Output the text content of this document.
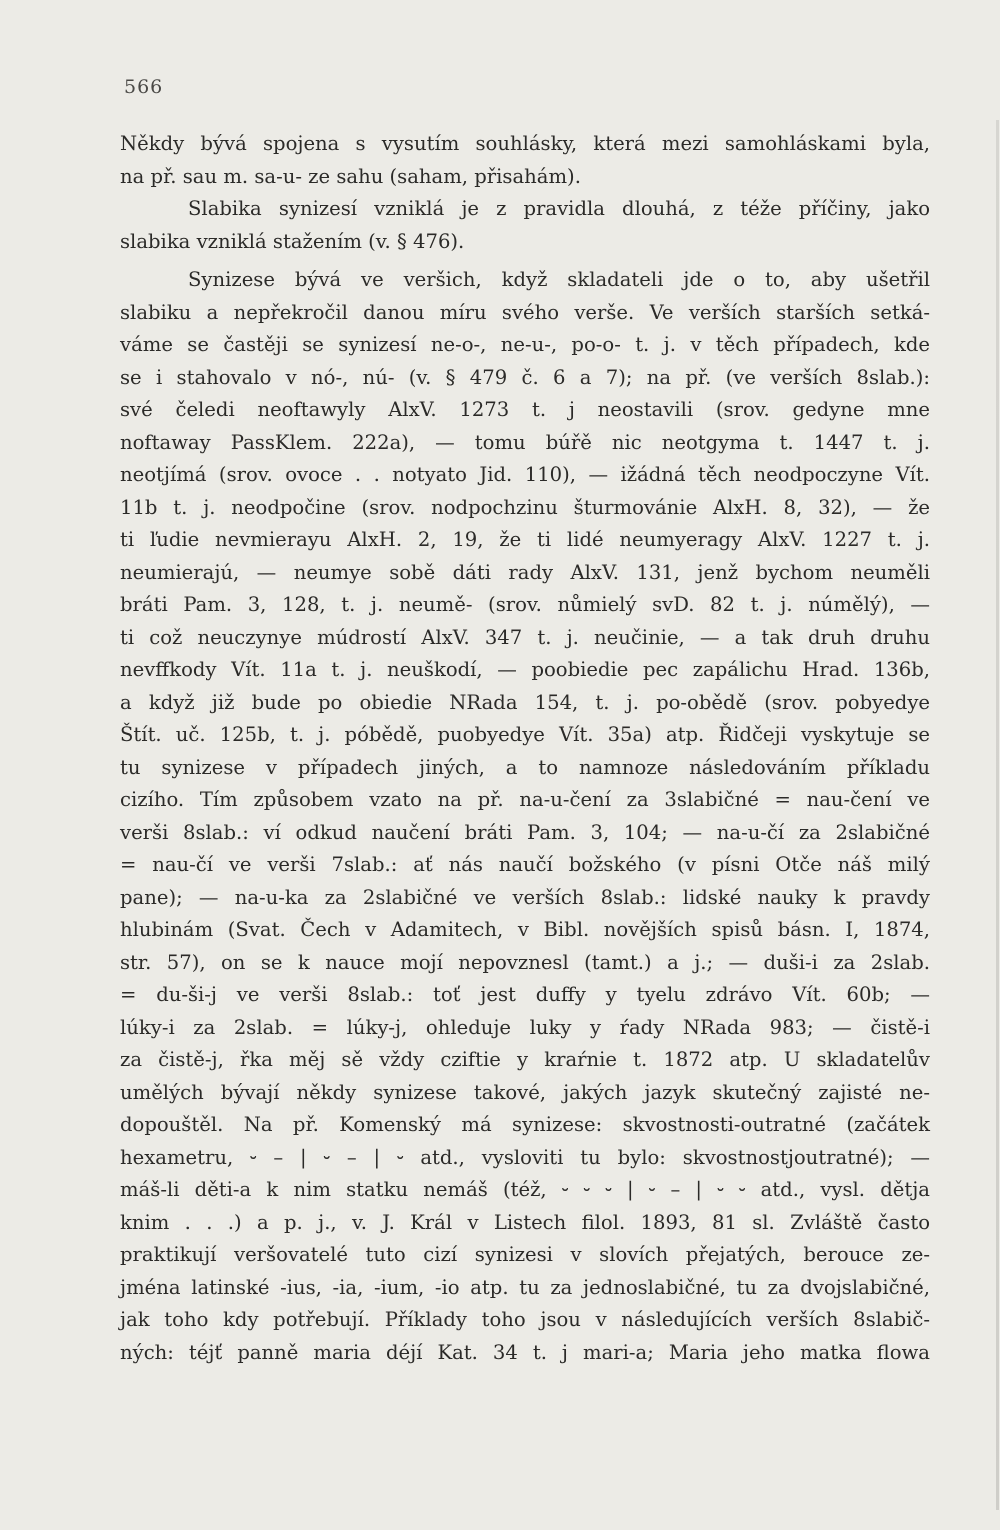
566
Někdy bývá spojena s vysutím souhlásky, která mezi samohláskami byla,
na př. sau m. sa-u- ze sahu (saham, přisahám).
Slabika synizesí vzniklá je z pravidla dlouhá, z téže příčiny, jako
slabika vzniklá stažením (v. § 476).
Synizese bývá ve veršich, když skladateli jde o to, aby ušetřil
slabiku a nepřekročil danou míru svého verše. Ve verších starších setká-
váme se častěji se synizesí ne-o-, ne-u-, po-o- t. j. v těch případech, kde
se i stahovalo v nó-, nú- (v. § 479 č. 6 a 7); na př. (ve verších 8slab.):
své čeledi neoftawyly AlxV. 1273 t. j neostavili (srov. gedyne mne
noftaway PassKlem. 222a), — tomu búřě nic neotgyma t. 1447 t. j.
neotjímá (srov. ovoce . . notyato Jid. 110), — ižádná těch neodpoczyne Vít.
11b t. j. neodpočine (srov. nodpochzinu šturmovánie AlxH. 8, 32), — že
ti ľudie nevmierayu AlxH. 2, 19, že ti lidé neumyeragy AlxV. 1227 t. j.
neumierajú, — neumye sobě dáti rady AlxV. 131, jenž bychom neuměli
bráti Pam. 3, 128, t. j. neumě- (srov. nůmielý svD. 82 t. j. númělý), —
ti což neuczynye múdrostí AlxV. 347 t. j. neučinie, — a tak druh druhu
nevffkody Vít. 11a t. j. neuškodí, — poobiedie pec zapálichu Hrad. 136b,
a když již bude po obiedie NRada 154, t. j. po-obědě (srov. pobyedye
Štít. uč. 125b, t. j. póbědě, puobyedye Vít. 35a) atp. Řidčeji vyskytuje se
tu synizese v případech jiných, a to namnoze následováním příkladu
cizího. Tím způsobem vzato na př. na-u-čení za 3slabičné = nau-čení ve
verši 8slab.: ví odkud naučení bráti Pam. 3, 104; — na-u-čí za 2slabičné
= nau-čí ve verši 7slab.: ať nás naučí božského (v písni Otče náš milý
pane); — na-u-ka za 2slabičné ve verších 8slab.: lidské nauky k pravdy
hlubinám (Svat. Čech v Adamitech, v Bibl. novějších spisů básn. I, 1874,
str. 57), on se k nauce mojí nepovznesl (tamt.) a j.; — duši-i za 2slab.
= du-ši-j ve verši 8slab.: toť jest duffy y tyelu zdrávo Vít. 60b; —
lúky-i za 2slab. = lúky-j, ohleduje luky y ŕady NRada 983; — čistě-i
za čistě-j, řka měj sě vždy cziftie y kraŕnie t. 1872 atp. U skladatelův
umělých bývají někdy synizese takové, jakých jazyk skutečný zajisté ne-
dopouštěl. Na př. Komenský má synizese: skvostnosti-outratné (začátek
hexametru, ⏑ – | ⏑ – | ⏑ atd., vysloviti tu bylo: skvostnostjoutratné); —
máš-li děti-a k nim statku nemáš (též, ⏑ ⏑ ⏑ | ⏑ – | ⏑ ⏑ atd., vysl. dětja
knim . . .) a p. j., v. J. Král v Listech filol. 1893, 81 sl. Zvláště často
praktikují veršovatelé tuto cizí synizesi v slovích přejatých, berouce ze-
jména latinské -ius, -ia, -ium, -io atp. tu za jednoslabičné, tu za dvojslabičné,
jak toho kdy potřebují. Příklady toho jsou v následujících verších 8slabič-
ných: téjť panně maria déjí Kat. 34 t. j mari-a; Maria jeho matka flowa
